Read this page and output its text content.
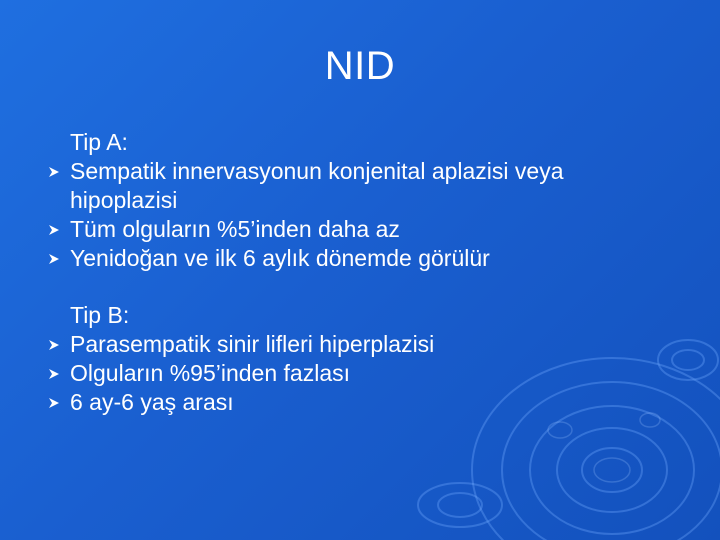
NID
Tip A:
Sempatik innervasyonun konjenital aplazisi veya
hipoplazisi
Tüm olguların %5’inden daha az
Yenidoğan ve ilk 6 aylık dönemde görülür
Tip B:
Parasempatik sinir lifleri hiperplazisi
Olguların %95’inden fazlası
6 ay-6 yaş arası
